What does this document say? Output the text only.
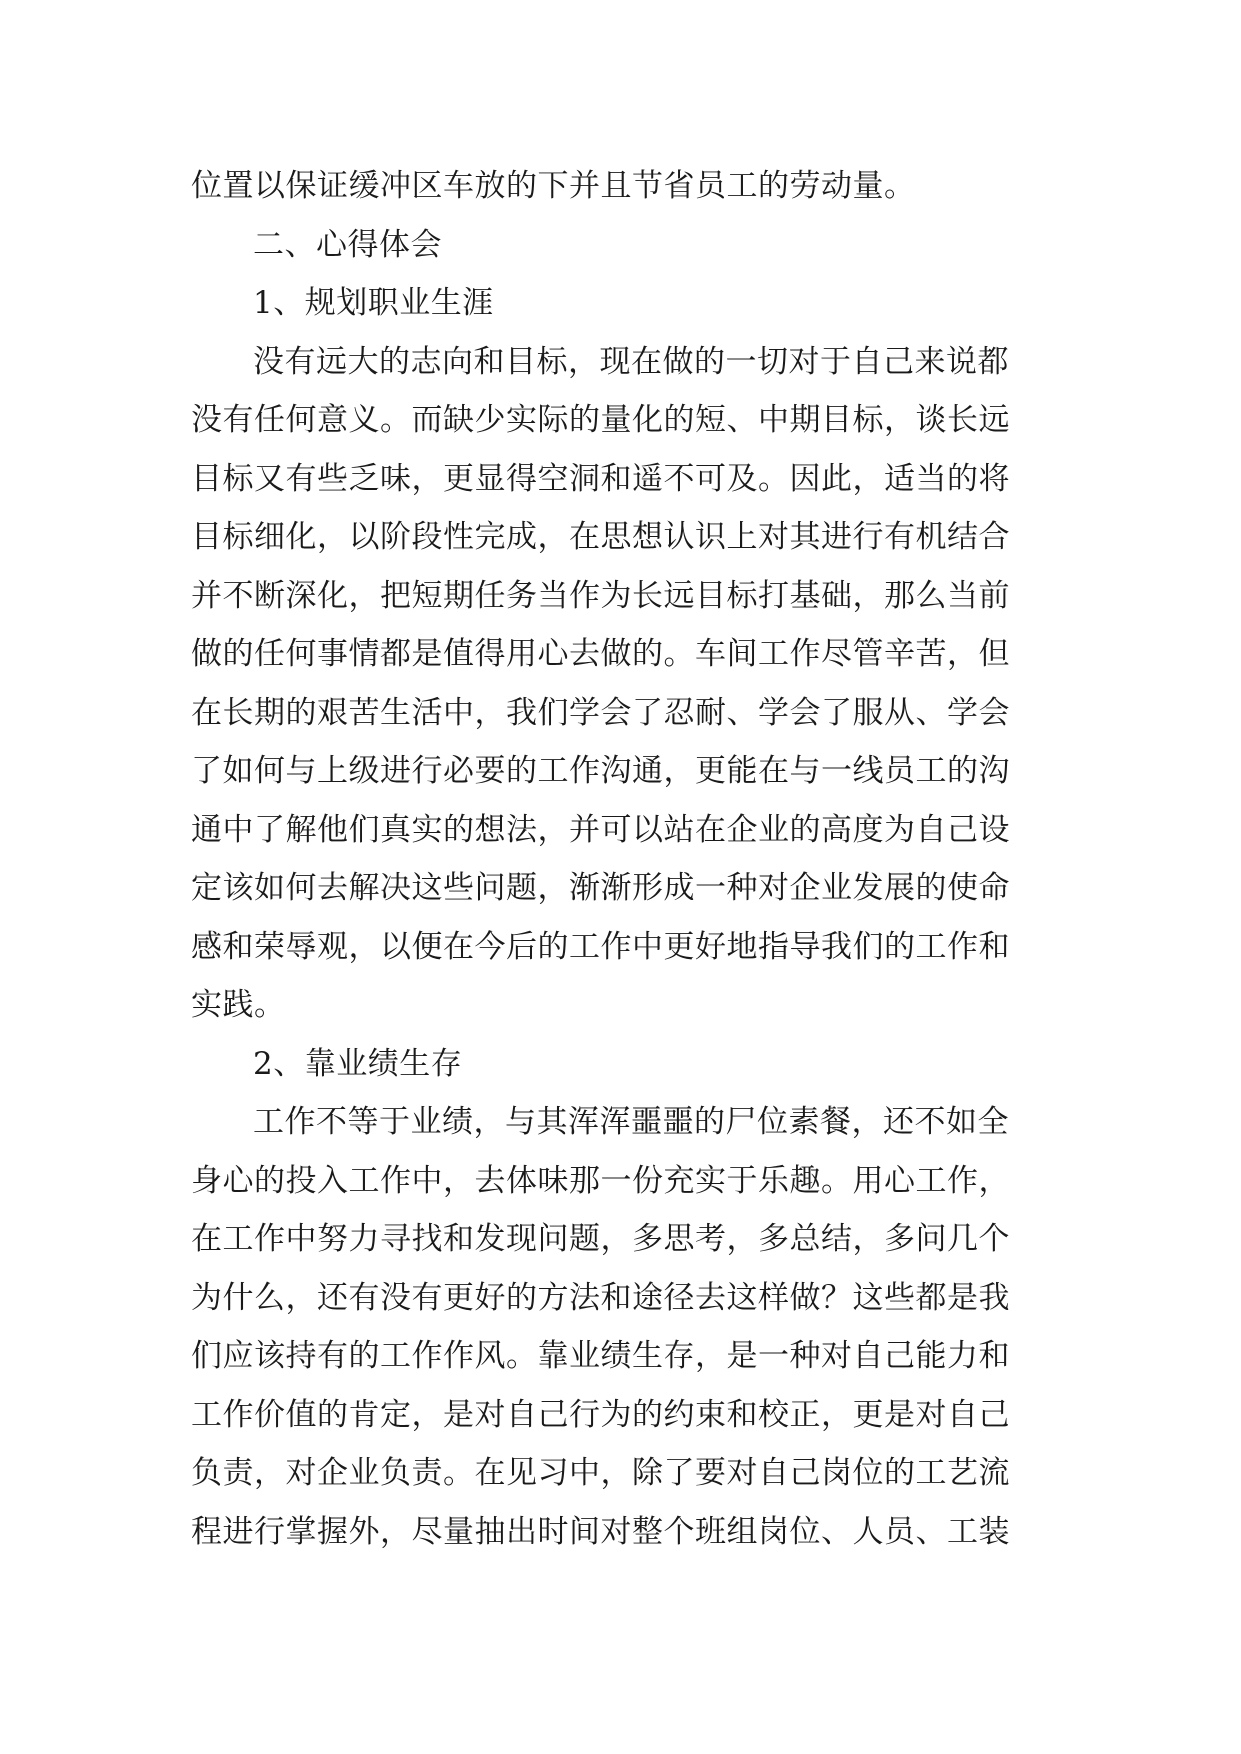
位置以保证缓冲区车放的下并且节省员工的劳动量。
二、心得体会
1、规划职业生涯
没有远大的志向和目标，现在做的一切对于自己来说都
没有任何意义。而缺少实际的量化的短、中期目标，谈长远
目标又有些乏味，更显得空洞和遥不可及。因此，适当的将
目标细化，以阶段性完成，在思想认识上对其进行有机结合
并不断深化，把短期任务当作为长远目标打基础，那么当前
做的任何事情都是值得用心去做的。车间工作尽管辛苦，但
在长期的艰苦生活中，我们学会了忍耐、学会了服从、学会
了如何与上级进行必要的工作沟通，更能在与一线员工的沟
通中了解他们真实的想法，并可以站在企业的高度为自己设
定该如何去解决这些问题，渐渐形成一种对企业发展的使命
感和荣辱观，以便在今后的工作中更好地指导我们的工作和
实践。
2、靠业绩生存
工作不等于业绩，与其浑浑噩噩的尸位素餐，还不如全
身心的投入工作中，去体味那一份充实于乐趣。用心工作，
在工作中努力寻找和发现问题，多思考，多总结，多问几个
为什么，还有没有更好的方法和途径去这样做？这些都是我
们应该持有的工作作风。靠业绩生存，是一种对自己能力和
工作价值的肯定，是对自己行为的约束和校正，更是对自己
负责，对企业负责。在见习中，除了要对自己岗位的工艺流
程进行掌握外，尽量抽出时间对整个班组岗位、人员、工装
